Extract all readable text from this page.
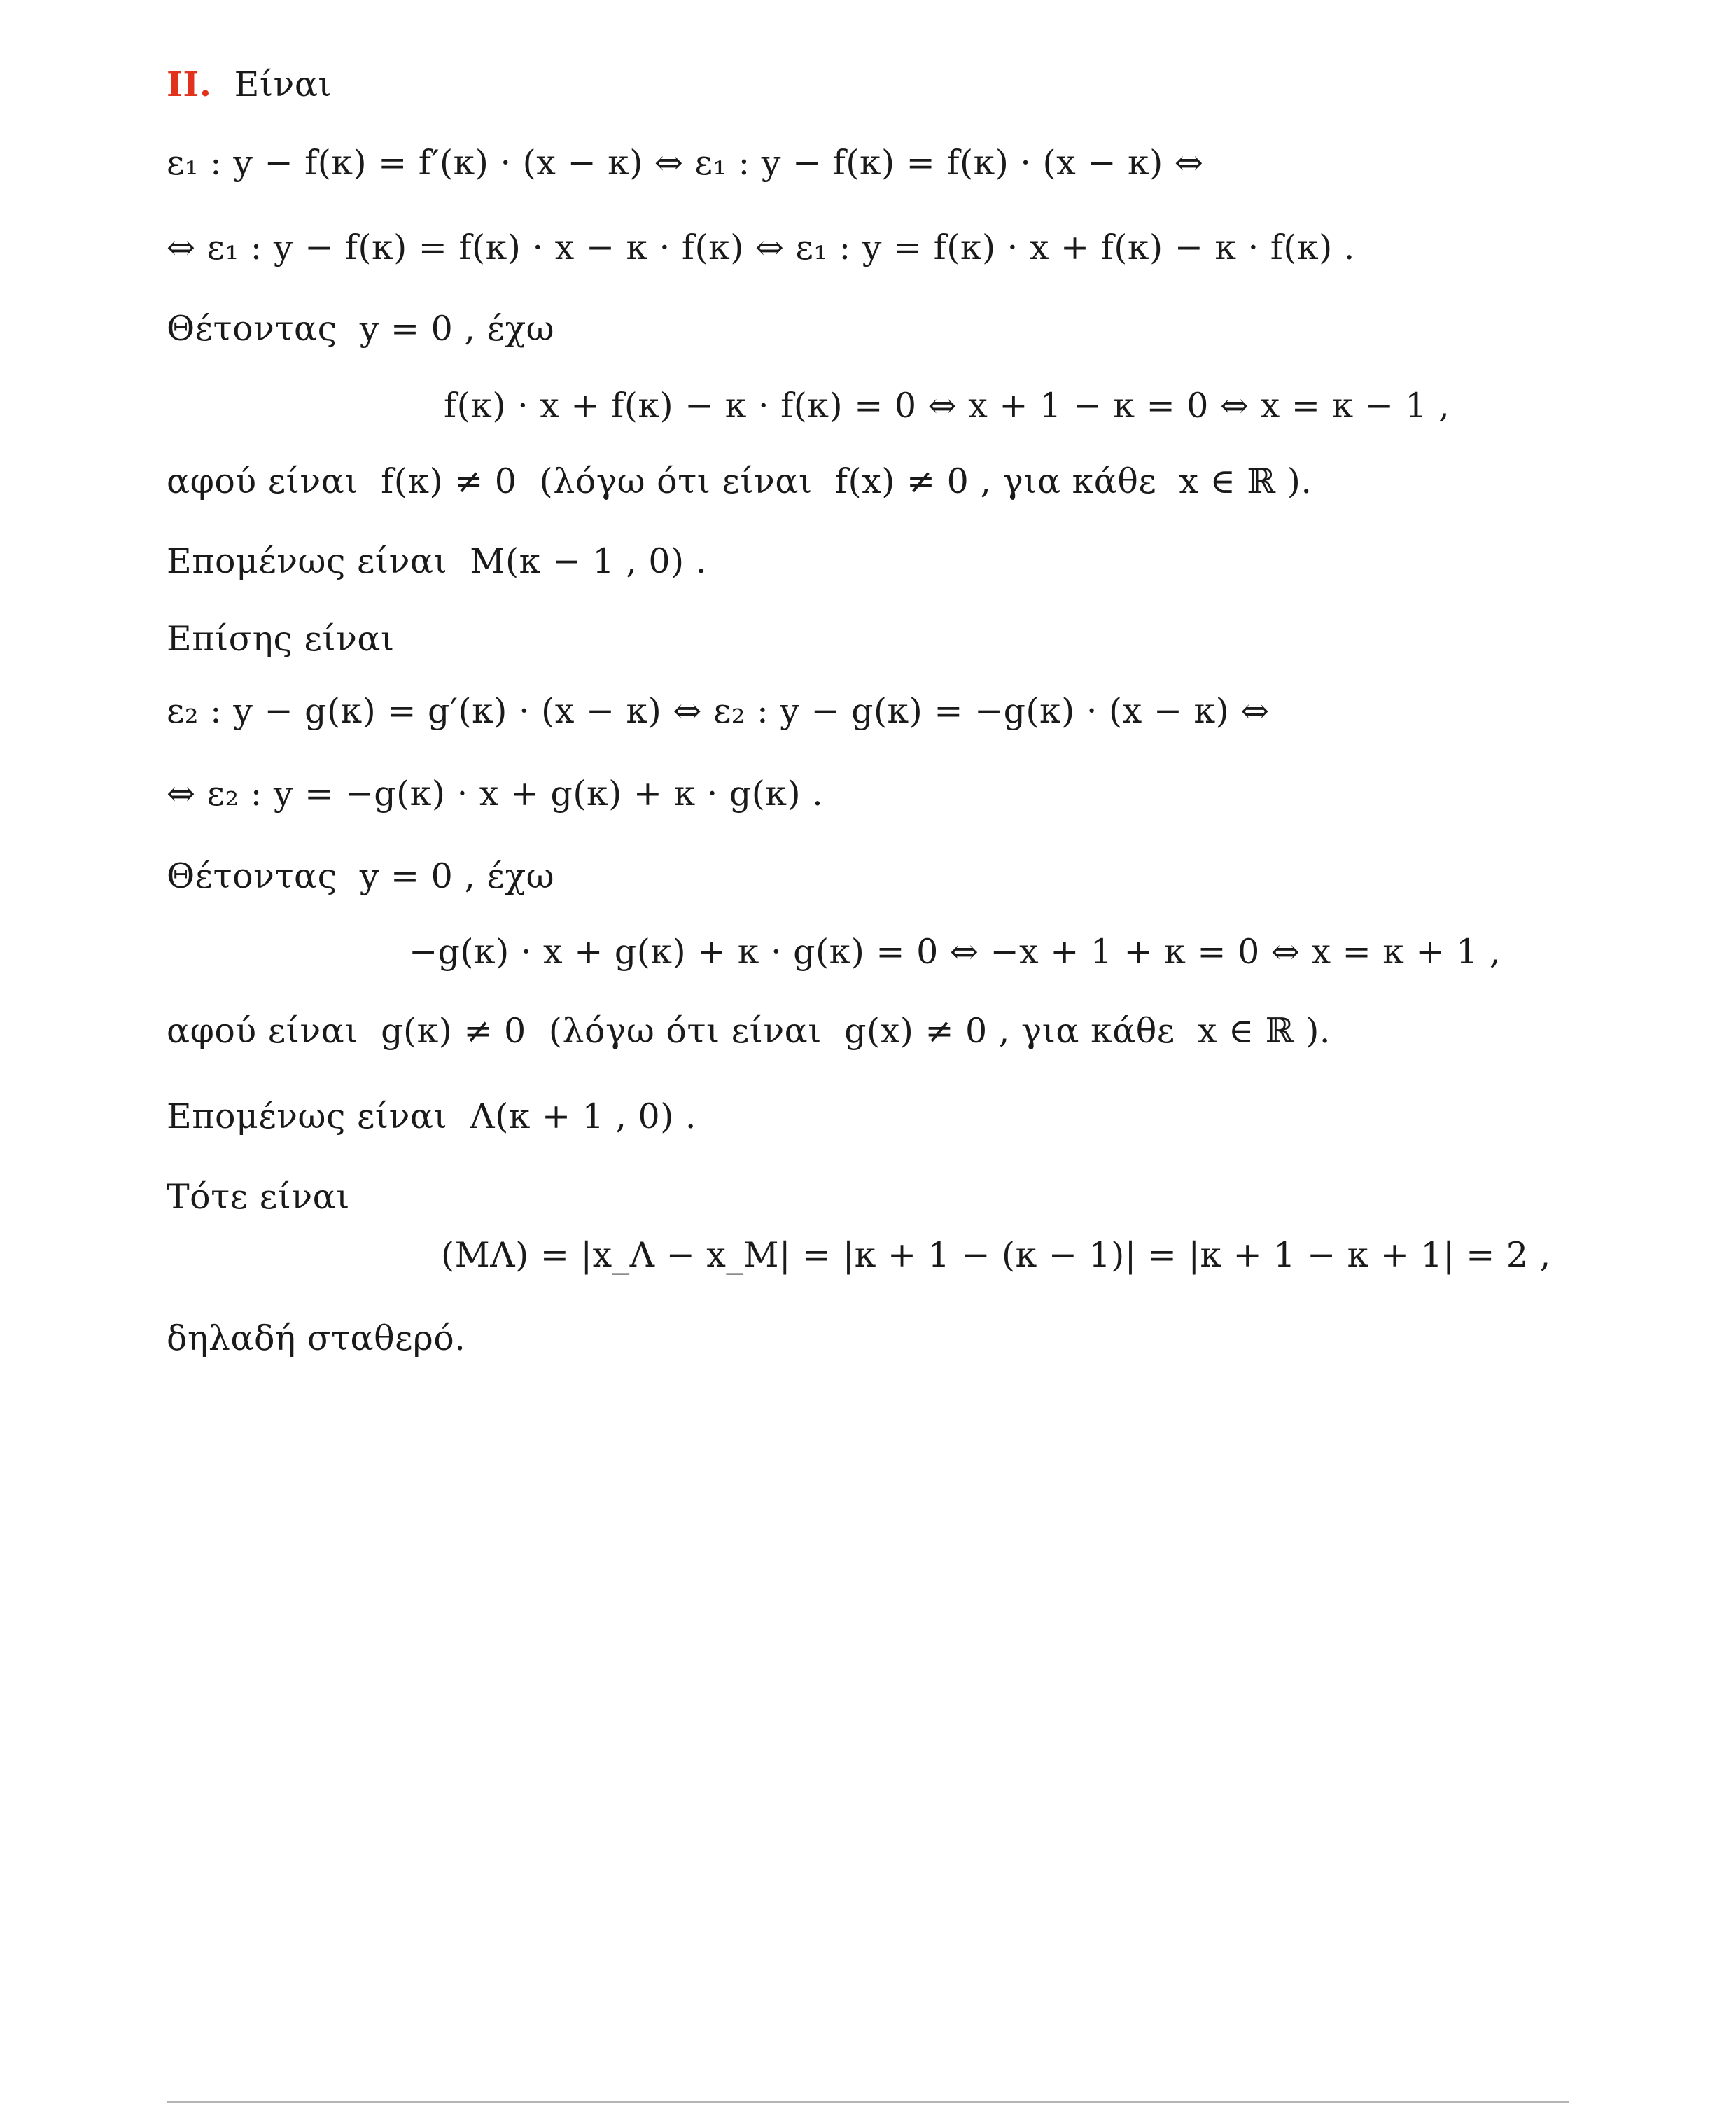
II. Είναι
ε₁ : y − f(κ) = f′(κ) · (x − κ) ⇔ ε₁ : y − f(κ) = f(κ) · (x − κ) ⇔
⇔ ε₁ : y − f(κ) = f(κ) · x − κ · f(κ) ⇔ ε₁ : y = f(κ) · x + f(κ) − κ · f(κ) .
Θέτοντας  y = 0 , έχω
f(κ) · x + f(κ) − κ · f(κ) = 0 ⇔ x + 1 − κ = 0 ⇔ x = κ − 1 ,
αφού είναι  f(κ) ≠ 0  (λόγω ότι είναι  f(x) ≠ 0 , για κάθε  x ∈ ℝ ).
Επομένως είναι  M(κ − 1 , 0) .
Επίσης είναι
ε₂ : y − g(κ) = g′(κ) · (x − κ) ⇔ ε₂ : y − g(κ) = −g(κ) · (x − κ) ⇔
⇔ ε₂ : y = −g(κ) · x + g(κ) + κ · g(κ) .
Θέτοντας  y = 0 , έχω
−g(κ) · x + g(κ) + κ · g(κ) = 0 ⇔ −x + 1 + κ = 0 ⇔ x = κ + 1 ,
αφού είναι  g(κ) ≠ 0  (λόγω ότι είναι  g(x) ≠ 0 , για κάθε  x ∈ ℝ ).
Επομένως είναι  Λ(κ + 1 , 0) .
Τότε είναι
(ΜΛ) = |x_Λ − x_M| = |κ + 1 − (κ − 1)| = |κ + 1 − κ + 1| = 2 ,
δηλαδή σταθερό.
